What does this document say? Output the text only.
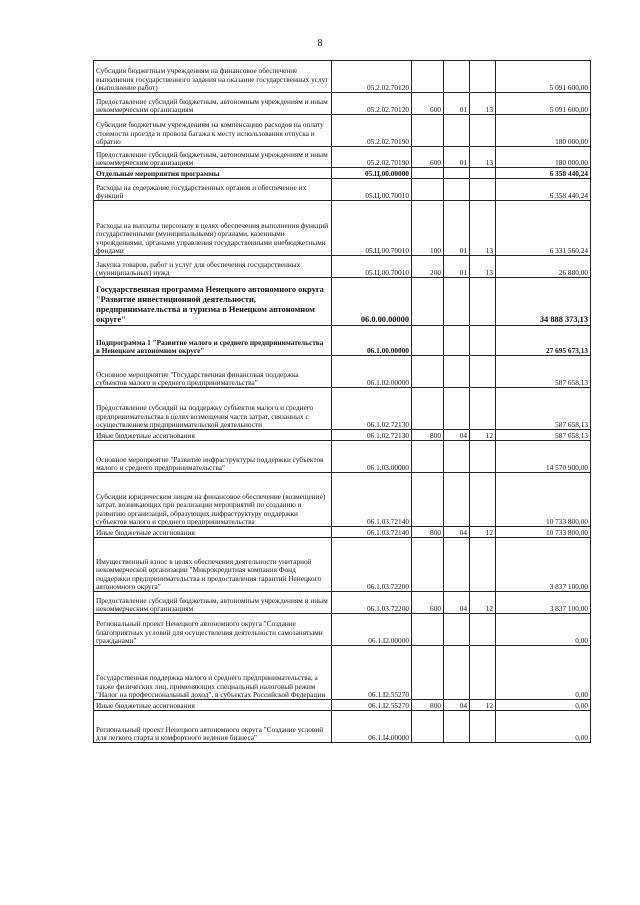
8
Субсидия бюджетным учреждениям на финансовое обеспечение выполнения государственного задания на оказание государственных услуг (выполнение работ)	05.2.02.70120				5 091 600,00
Предоставление субсидий бюджетным, автономным учреждениям и иным некоммерческим организациям	05.2.02.70120	600	01	13	5 091 600,00
Субсидии бюджетным учреждениям на компенсацию расходов на оплату стоимости проезда и провоза багажа к месту использования отпуска и обратно	05.2.02.70190				180 000,00
Предоставление субсидий бюджетным, автономным учреждениям и иным некоммерческим организациям	05.2.02.70190	600	01	13	180 000,00
Отдельные мероприятия программы	05.Ц.00.00000				6 358 440,24
Расходы на содержание государственных органов и обеспечение их функций	05.Ц.00.70010				6 358 440,24
Расходы на выплаты персоналу в целях обеспечения выполнения функций государственными (муниципальными) органами, казенными учреждениями, органами управления государственными внебюджетными фондами	05.Ц.00.70010	100	01	13	6 331 560,24
Закупка товаров, работ и услуг для обеспечения государственных (муниципальных) нужд	05.Ц.00.70010	200	01	13	26 880,00
Государственная программа Ненецкого автономного округа "Развитие инвестиционной деятельности, предпринимательства и туризма в Ненецком автономном округе"	06.0.00.00000				34 888 373,13
Подпрограмма 1 "Развитие малого и среднего предпринимательства в Ненецком автономном округе"	06.1.00.00000				27 695 673,13
Основное мероприятие "Государственная финансовая поддержка субъектов малого и среднего предпринимательства"	06.1.02.00000				587 658,13
Предоставление субсидий на поддержку субъектов малого и среднего предпринимательства в целях возмещения части затрат, связанных с осуществлением предпринимательской деятельности	06.1.02.72130				587 658,13
Иные бюджетные ассигнования	06.1.02.72130	800	04	12	587 658,13
Основное мероприятие "Развитие инфраструктуры поддержки субъектов малого и среднего предпринимательства"	06.1.03.00000				14 570 900,00
Субсидии юридическим лицам на финансовое обеспечение (возмещение) затрат, возникающих при реализации мероприятий по созданию и развитию организаций, образующих инфраструктуру поддержки субъектов малого и среднего предпринимательства	06.1.03.72140				10 733 800,00
Иные бюджетные ассигнования	06.1.03.72140	800	04	12	10 733 800,00
Имущественный взнос в целях обеспечения деятельности унитарной некоммерческой организации "Микрокредитная компания Фонд поддержки предпринимательства и предоставления гарантий Ненецкого автономного округа"	06.1.03.72200				3 837 100,00
Предоставление субсидий бюджетным, автономным учреждениям и иным некоммерческим организациям	06.1.03.72200	600	04	12	3 837 100,00
Региональный проект Ненецкого автономного округа "Создание благоприятных условий для осуществления деятельности самозанятыми гражданами"	06.1.I2.00000				0,00
Государственная поддержка малого и среднего предпринимательства, а также физических лиц, применяющих специальный налоговый режим "Налог на профессиональный доход", в субъектах Российской Федерации	06.1.I2.55270				0,00
Иные бюджетные ассигнования	06.1.I2.55270	800	04	12	0,00
Региональный проект Ненецкого автономного округа "Создание условий для легкого старта и комфортного ведения бизнеса"	06.1.I4.00000				0,00
